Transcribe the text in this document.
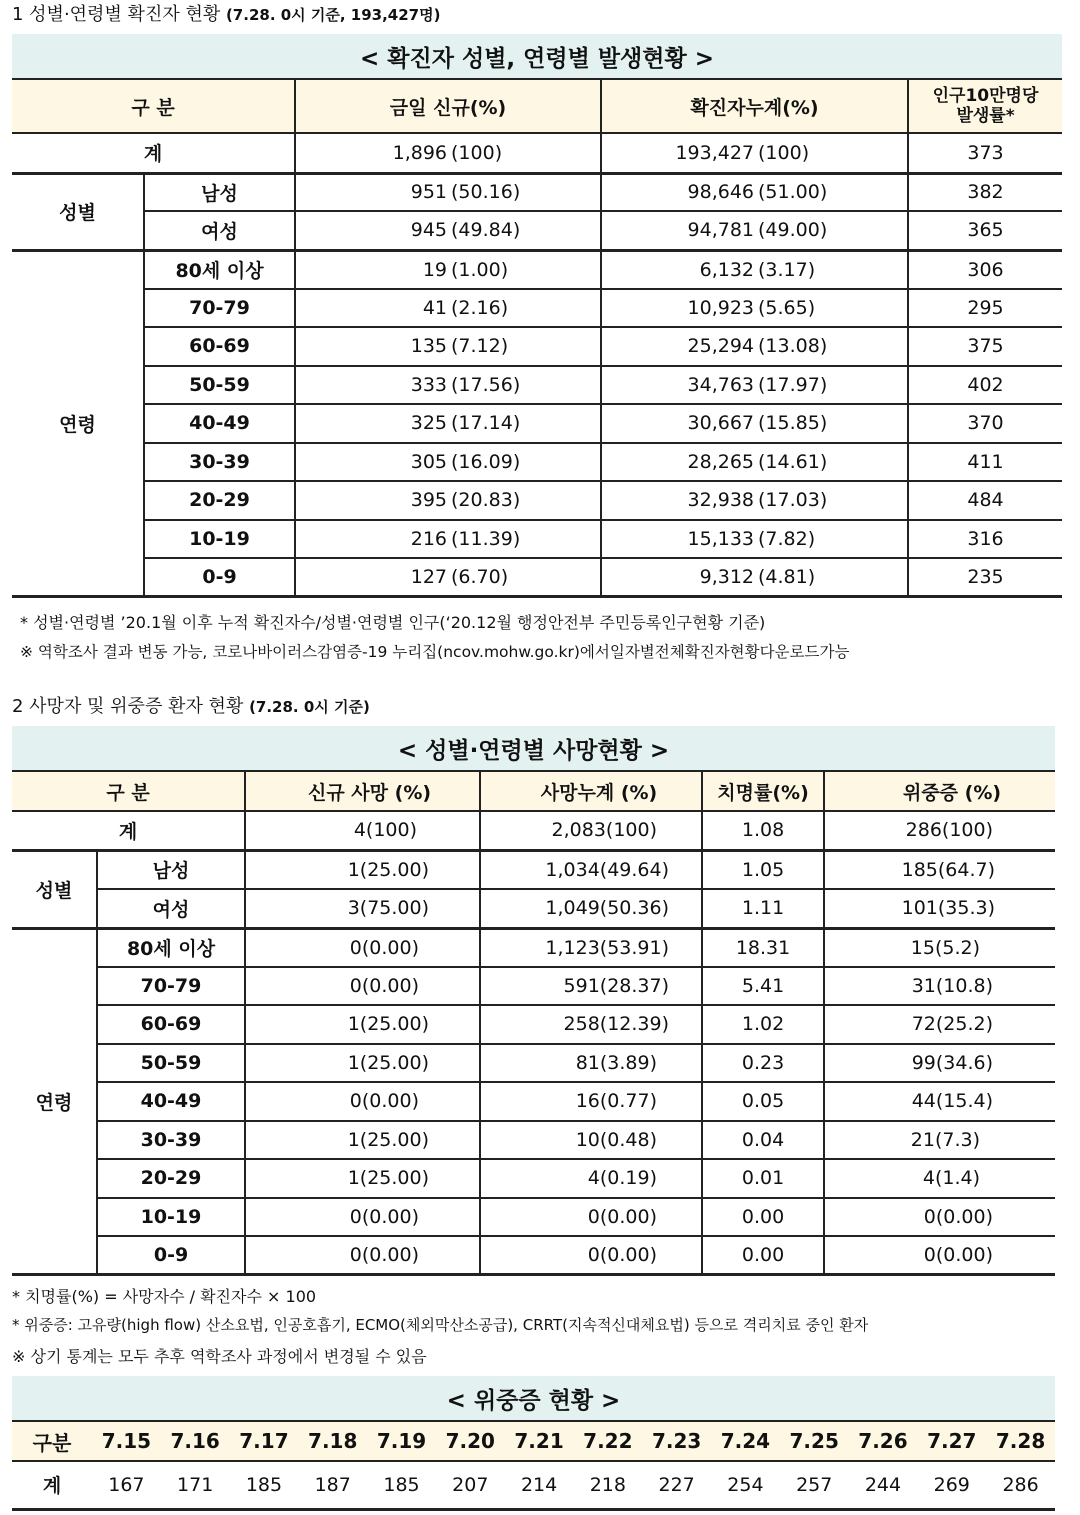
1 성별·연령별 확진자 현황 (7.28. 0시 기준, 193,427명)
< 확진자 성별, 연령별 발생현황 >
구 분		금일 신규(%)		확진자누계(%)		인구10만명당
발생률*

계		1,896	(100)	193,427	(100)	373
성별	남성	951	(50.16)	98,646	(51.00)	382
	여성	945	(49.84)	94,781	(49.00)	365
연령	80세 이상	19	(1.00)	6,132	(3.17)	306
	70-79	41	(2.16)	10,923	(5.65)	295
	60-69	135	(7.12)	25,294	(13.08)	375
	50-59	333	(17.56)	34,763	(17.97)	402
	40-49	325	(17.14)	30,667	(15.85)	370
	30-39	305	(16.09)	28,265	(14.61)	411
	20-29	395	(20.83)	32,938	(17.03)	484
	10-19	216	(11.39)	15,133	(7.82)	316
	0-9	127	(6.70)	9,312	(4.81)	235
* 성별·연령별 ’20.1월 이후 누적 확진자수/성별·연령별 인구(‘20.12월 행정안전부 주민등록인구현황 기준)
※ 역학조사 결과 변동 가능, 코로나바이러스감염증-19 누리집(ncov.mohw.go.kr)에서일자별전체확진자현황다운로드가능
2 사망자 및 위중증 환자 현황 (7.28. 0시 기준)
< 성별·연령별 사망현황 >
구 분		신규 사망 (%)	사망누계 (%)	치명률(%)	위중증 (%)
계		4(100)	2,083(100)	1.08	286(100)
성별	남성	1(25.00)	1,034(49.64)	1.05	185(64.7)
	여성	3(75.00)	1,049(50.36)	1.11	101(35.3)
연령	80세 이상	0(0.00)	1,123(53.91)	18.31	15(5.2)
	70-79	0(0.00)	591(28.37)	5.41	31(10.8)
	60-69	1(25.00)	258(12.39)	1.02	72(25.2)
	50-59	1(25.00)	81(3.89)	0.23	99(34.6)
	40-49	0(0.00)	16(0.77)	0.05	44(15.4)
	30-39	1(25.00)	10(0.48)	0.04	21(7.3)
	20-29	1(25.00)	4(0.19)	0.01	4(1.4)
	10-19	0(0.00)	0(0.00)	0.00	0(0.00)
	0-9	0(0.00)	0(0.00)	0.00	0(0.00)
* 치명률(%) = 사망자수 / 확진자수 × 100
* 위중증: 고유량(high flow) 산소요법, 인공호흡기, ECMO(체외막산소공급), CRRT(지속적신대체요법) 등으로 격리치료 중인 환자
※ 상기 통계는 모두 추후 역학조사 과정에서 변경될 수 있음
< 위중증 현황 >
구분	7.15	7.16	7.17	7.18	7.19	7.20	7.21	7.22	7.23	7.24	7.25	7.26	7.27	7.28
계	167	171	185	187	185	207	214	218	227	254	257	244	269	286
